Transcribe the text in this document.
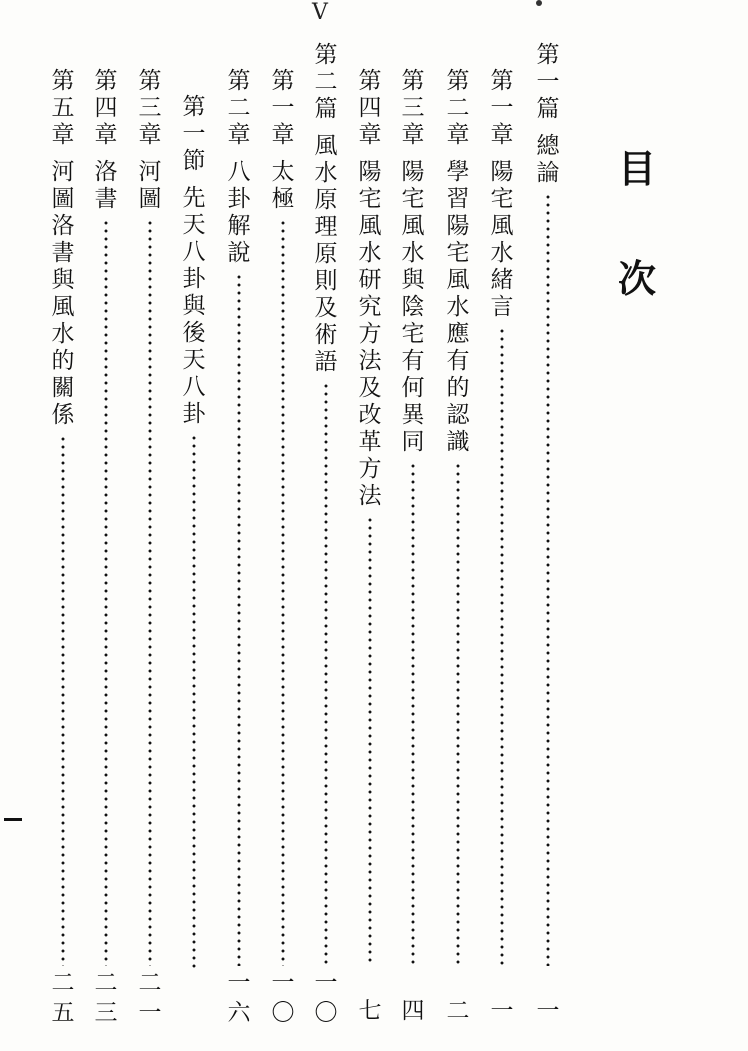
V
目
次
第
一
篇
總
論
一
第
一
章
陽
宅
風
水
緒
言
一
第
二
章
學
習
陽
宅
風
水
應
有
的
認
識
二
第
三
章
陽
宅
風
水
與
陰
宅
有
何
異
同
四
第
四
章
陽
宅
風
水
研
究
方
法
及
改
革
方
法
七
第
二
篇
風
水
原
理
原
則
及
術
語
一
〇
第
一
章
太
極
一
〇
第
二
章
八
卦
解
說
一
六
第
一
節
先
天
八
卦
與
後
天
八
卦
第
三
章
河
圖
二
一
第
四
章
洛
書
二
三
第
五
章
河
圖
洛
書
與
風
水
的
關
係
二
五
